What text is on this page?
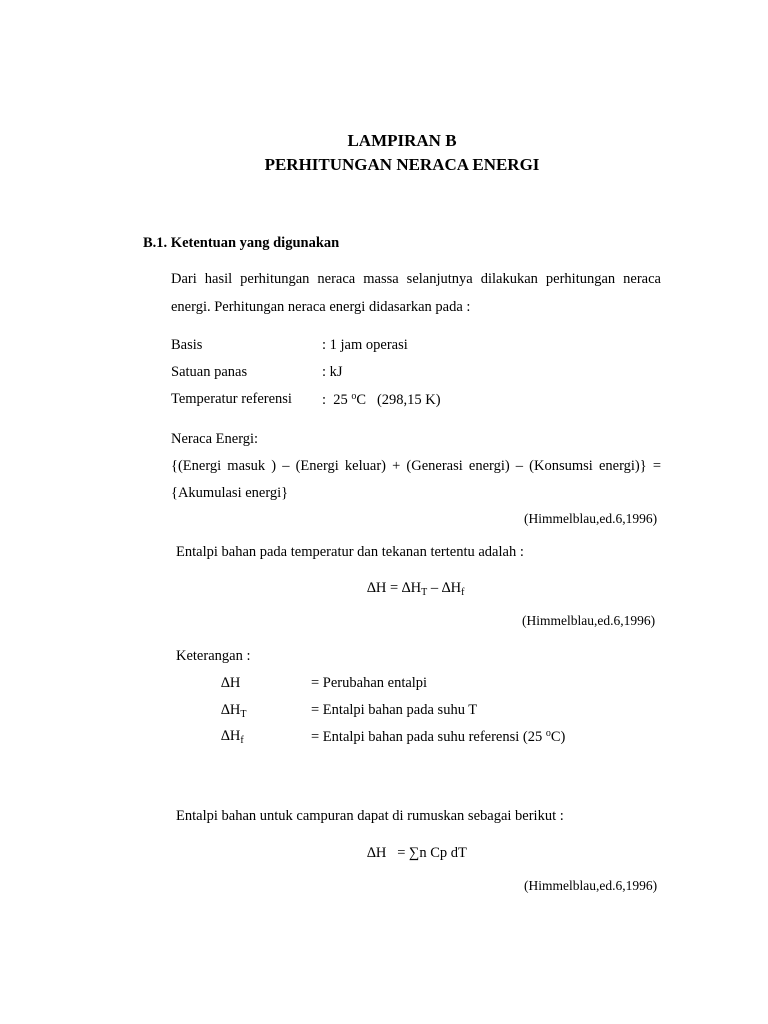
LAMPIRAN B
PERHITUNGAN NERACA ENERGI
B.1. Ketentuan yang digunakan
Dari hasil perhitungan neraca massa selanjutnya dilakukan perhitungan neraca energi. Perhitungan neraca energi didasarkan pada :
Basis	: 1 jam operasi
Satuan panas	: kJ
Temperatur referensi :  25 $^o$C   (298,15 K)
Neraca Energi:
{(Energi masuk ) – (Energi keluar) + (Generasi energi) – (Konsumsi energi)} = {Akumulasi energi}
(Himmelblau,ed.6,1996)
Entalpi bahan pada temperatur dan tekanan tertentu adalah :
$\Delta H = \Delta H_T - \Delta H_f$
(Himmelblau,ed.6,1996)
Keterangan :
∆H	= Perubahan entalpi
$\Delta H_T$	= Entalpi bahan pada suhu T
$\Delta H_f$	= Entalpi bahan pada suhu referensi (25 $^o$C)
Entalpi bahan untuk campuran dapat di rumuskan sebagai berikut :
∆H   = ∑n Cp dT
(Himmelblau,ed.6,1996)
